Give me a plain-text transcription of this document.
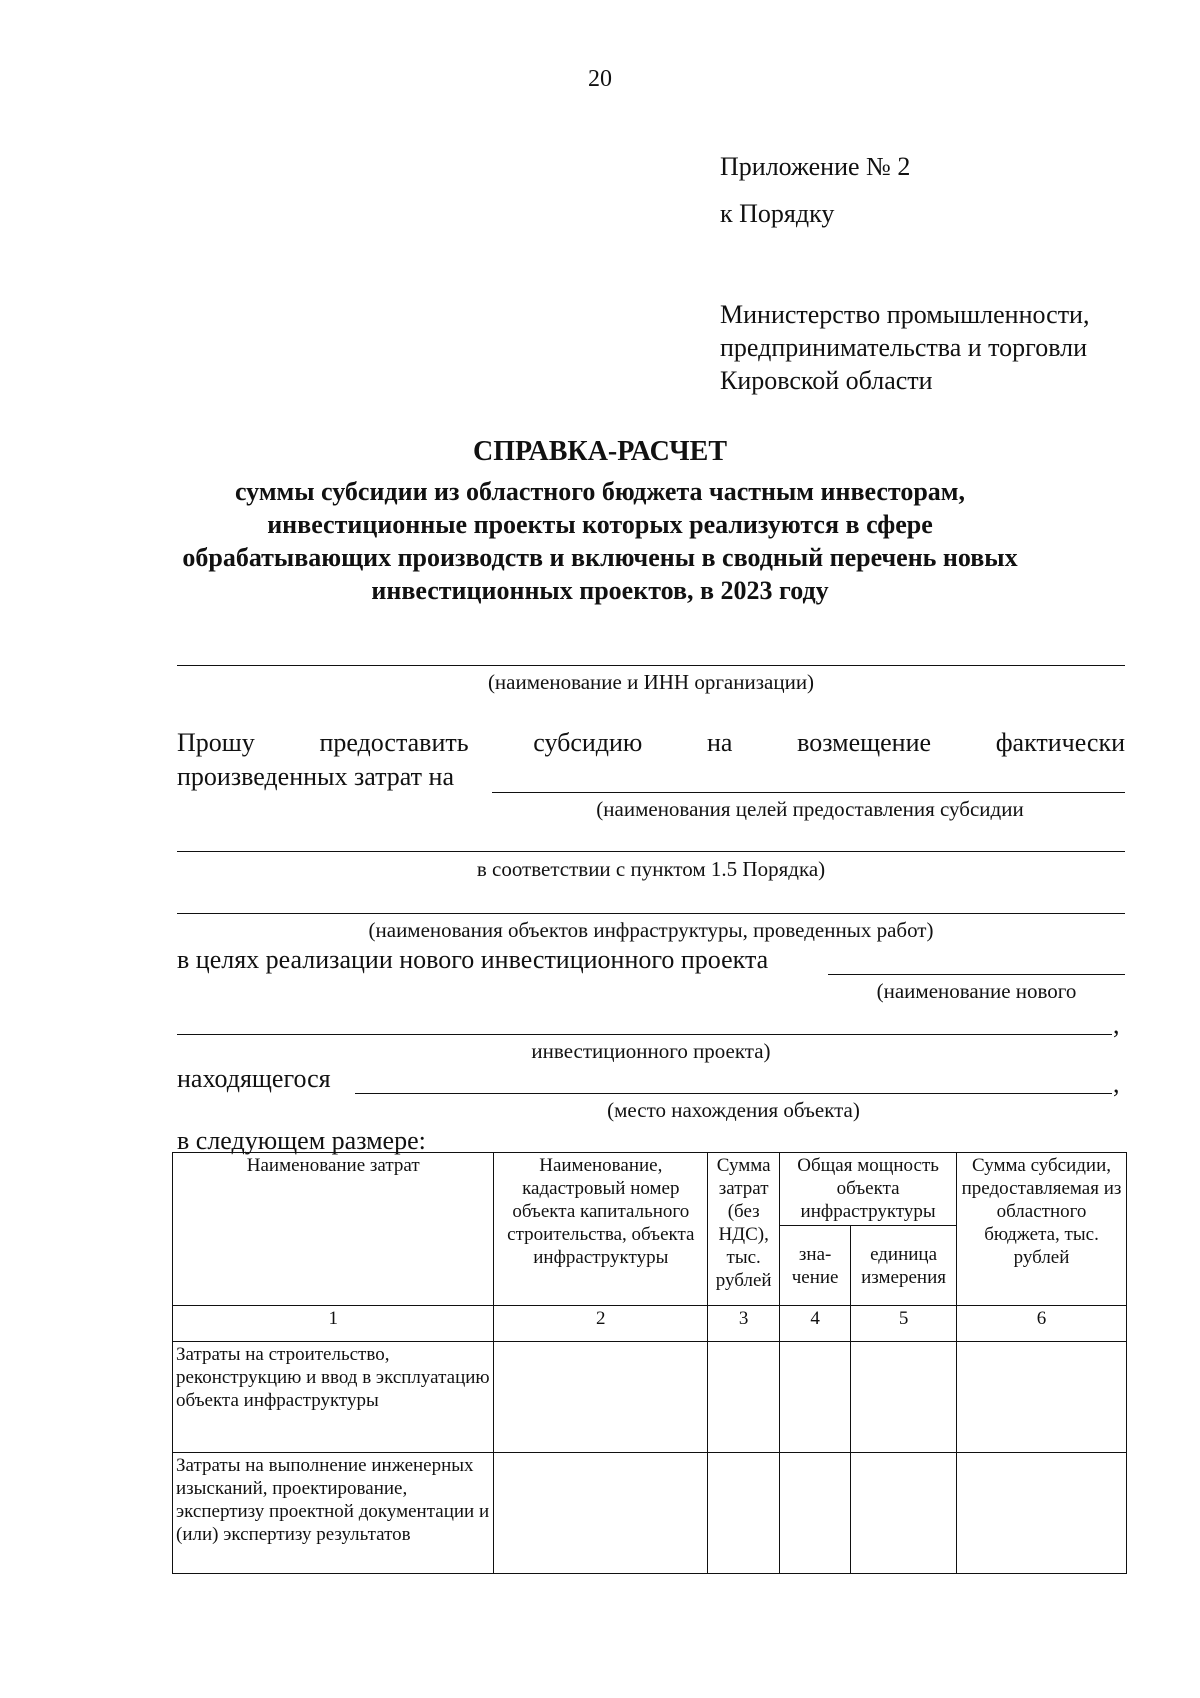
20
Приложение № 2
к Порядку
Министерство промышленности,
предпринимательства и торговли
Кировской области
СПРАВКА-РАСЧЕТ
суммы субсидии из областного бюджета частным инвесторам,
инвестиционные проекты которых реализуются в сфере
обрабатывающих производств и включены в сводный перечень новых
инвестиционных проектов, в 2023 году
(наименование и ИНН организации)
Прошу предоставить субсидию на возмещение фактически
произведенных затрат на
(наименования целей предоставления субсидии
в соответствии с пунктом 1.5 Порядка)
(наименования объектов инфраструктуры, проведенных работ)
в целях реализации нового инвестиционного проекта
(наименование нового
,
инвестиционного проекта)
находящегося	,
(место нахождения объекта)
в следующем размере:
Наименование затрат	Наименование, кадастровый номер объекта капитального строительства, объекта инфраструктуры	Сумма затрат (без НДС), тыс. рублей	Общая мощность объекта инфраструктуры		Сумма субсидии, предоставляемая из областного бюджета, тыс. рублей
			зна-чение	единица измерения	
1	2	3	4	5	6
Затраты на строительство, реконструкцию и ввод в эксплуатацию объекта инфраструктуры					
Затраты на выполнение инженерных изысканий, проектирование, экспертизу проектной документации и (или) экспертизу результатов					
